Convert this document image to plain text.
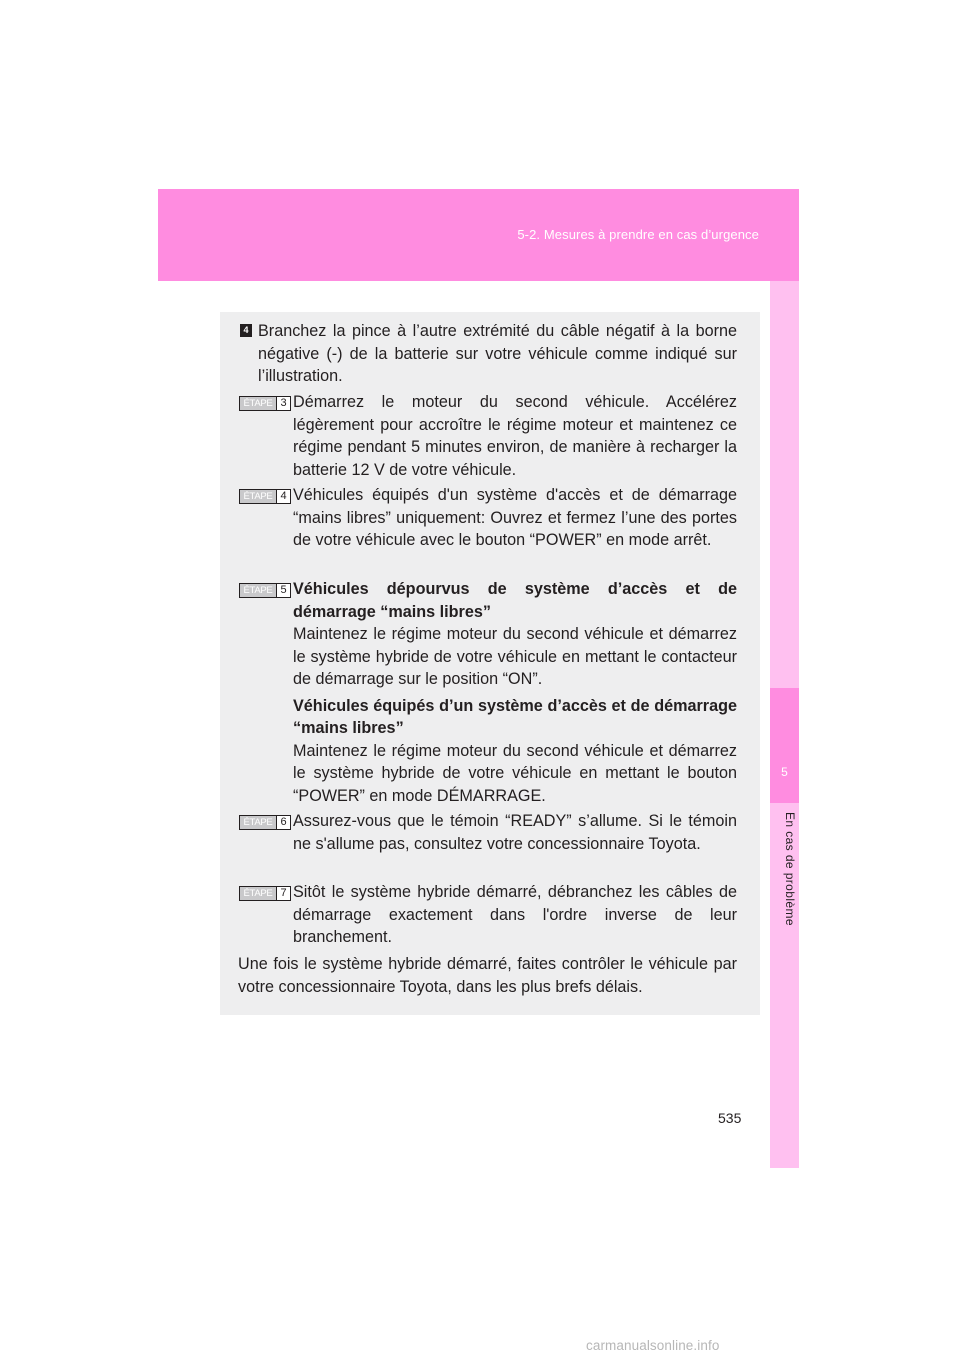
5-2. Mesures à prendre en cas d’urgence
5
En cas de problème
4 Branchez la pince à l’autre extrémité du câble négatif à la borne négative (-) de la batterie sur votre véhicule comme indiqué sur l’illustration.

ÉTAPE 3 Démarrez le moteur du second véhicule. Accélérez légèrement pour accroître le régime moteur et maintenez ce régime pendant 5 minutes environ, de manière à recharger la batterie 12 V de votre véhicule.

ÉTAPE 4 Véhicules équipés d'un système d'accès et de démarrage “mains libres” uniquement: Ouvrez et fermez l’une des portes de votre véhicule avec le bouton “POWER” en mode arrêt.

ÉTAPE 5 Véhicules dépourvus de système d’accès et de démarrage “mains libres”

Maintenez le régime moteur du second véhicule et démarrez le système hybride de votre véhicule en mettant le contacteur de démarrage sur le position “ON”.

Véhicules équipés d’un système d’accès et de démarrage “mains libres”

Maintenez le régime moteur du second véhicule et démarrez le système hybride de votre véhicule en mettant le bouton “POWER” en mode DÉMARRAGE.

ÉTAPE 6 Assurez-vous que le témoin “READY” s’allume. Si le témoin ne s'allume pas, consultez votre concessionnaire Toyota.

ÉTAPE 7 Sitôt le système hybride démarré, débranchez les câbles de démarrage exactement dans l'ordre inverse de leur branchement.

Une fois le système hybride démarré, faites contrôler le véhicule par votre concessionnaire Toyota, dans les plus brefs délais.

535
carmanualsonline.info
